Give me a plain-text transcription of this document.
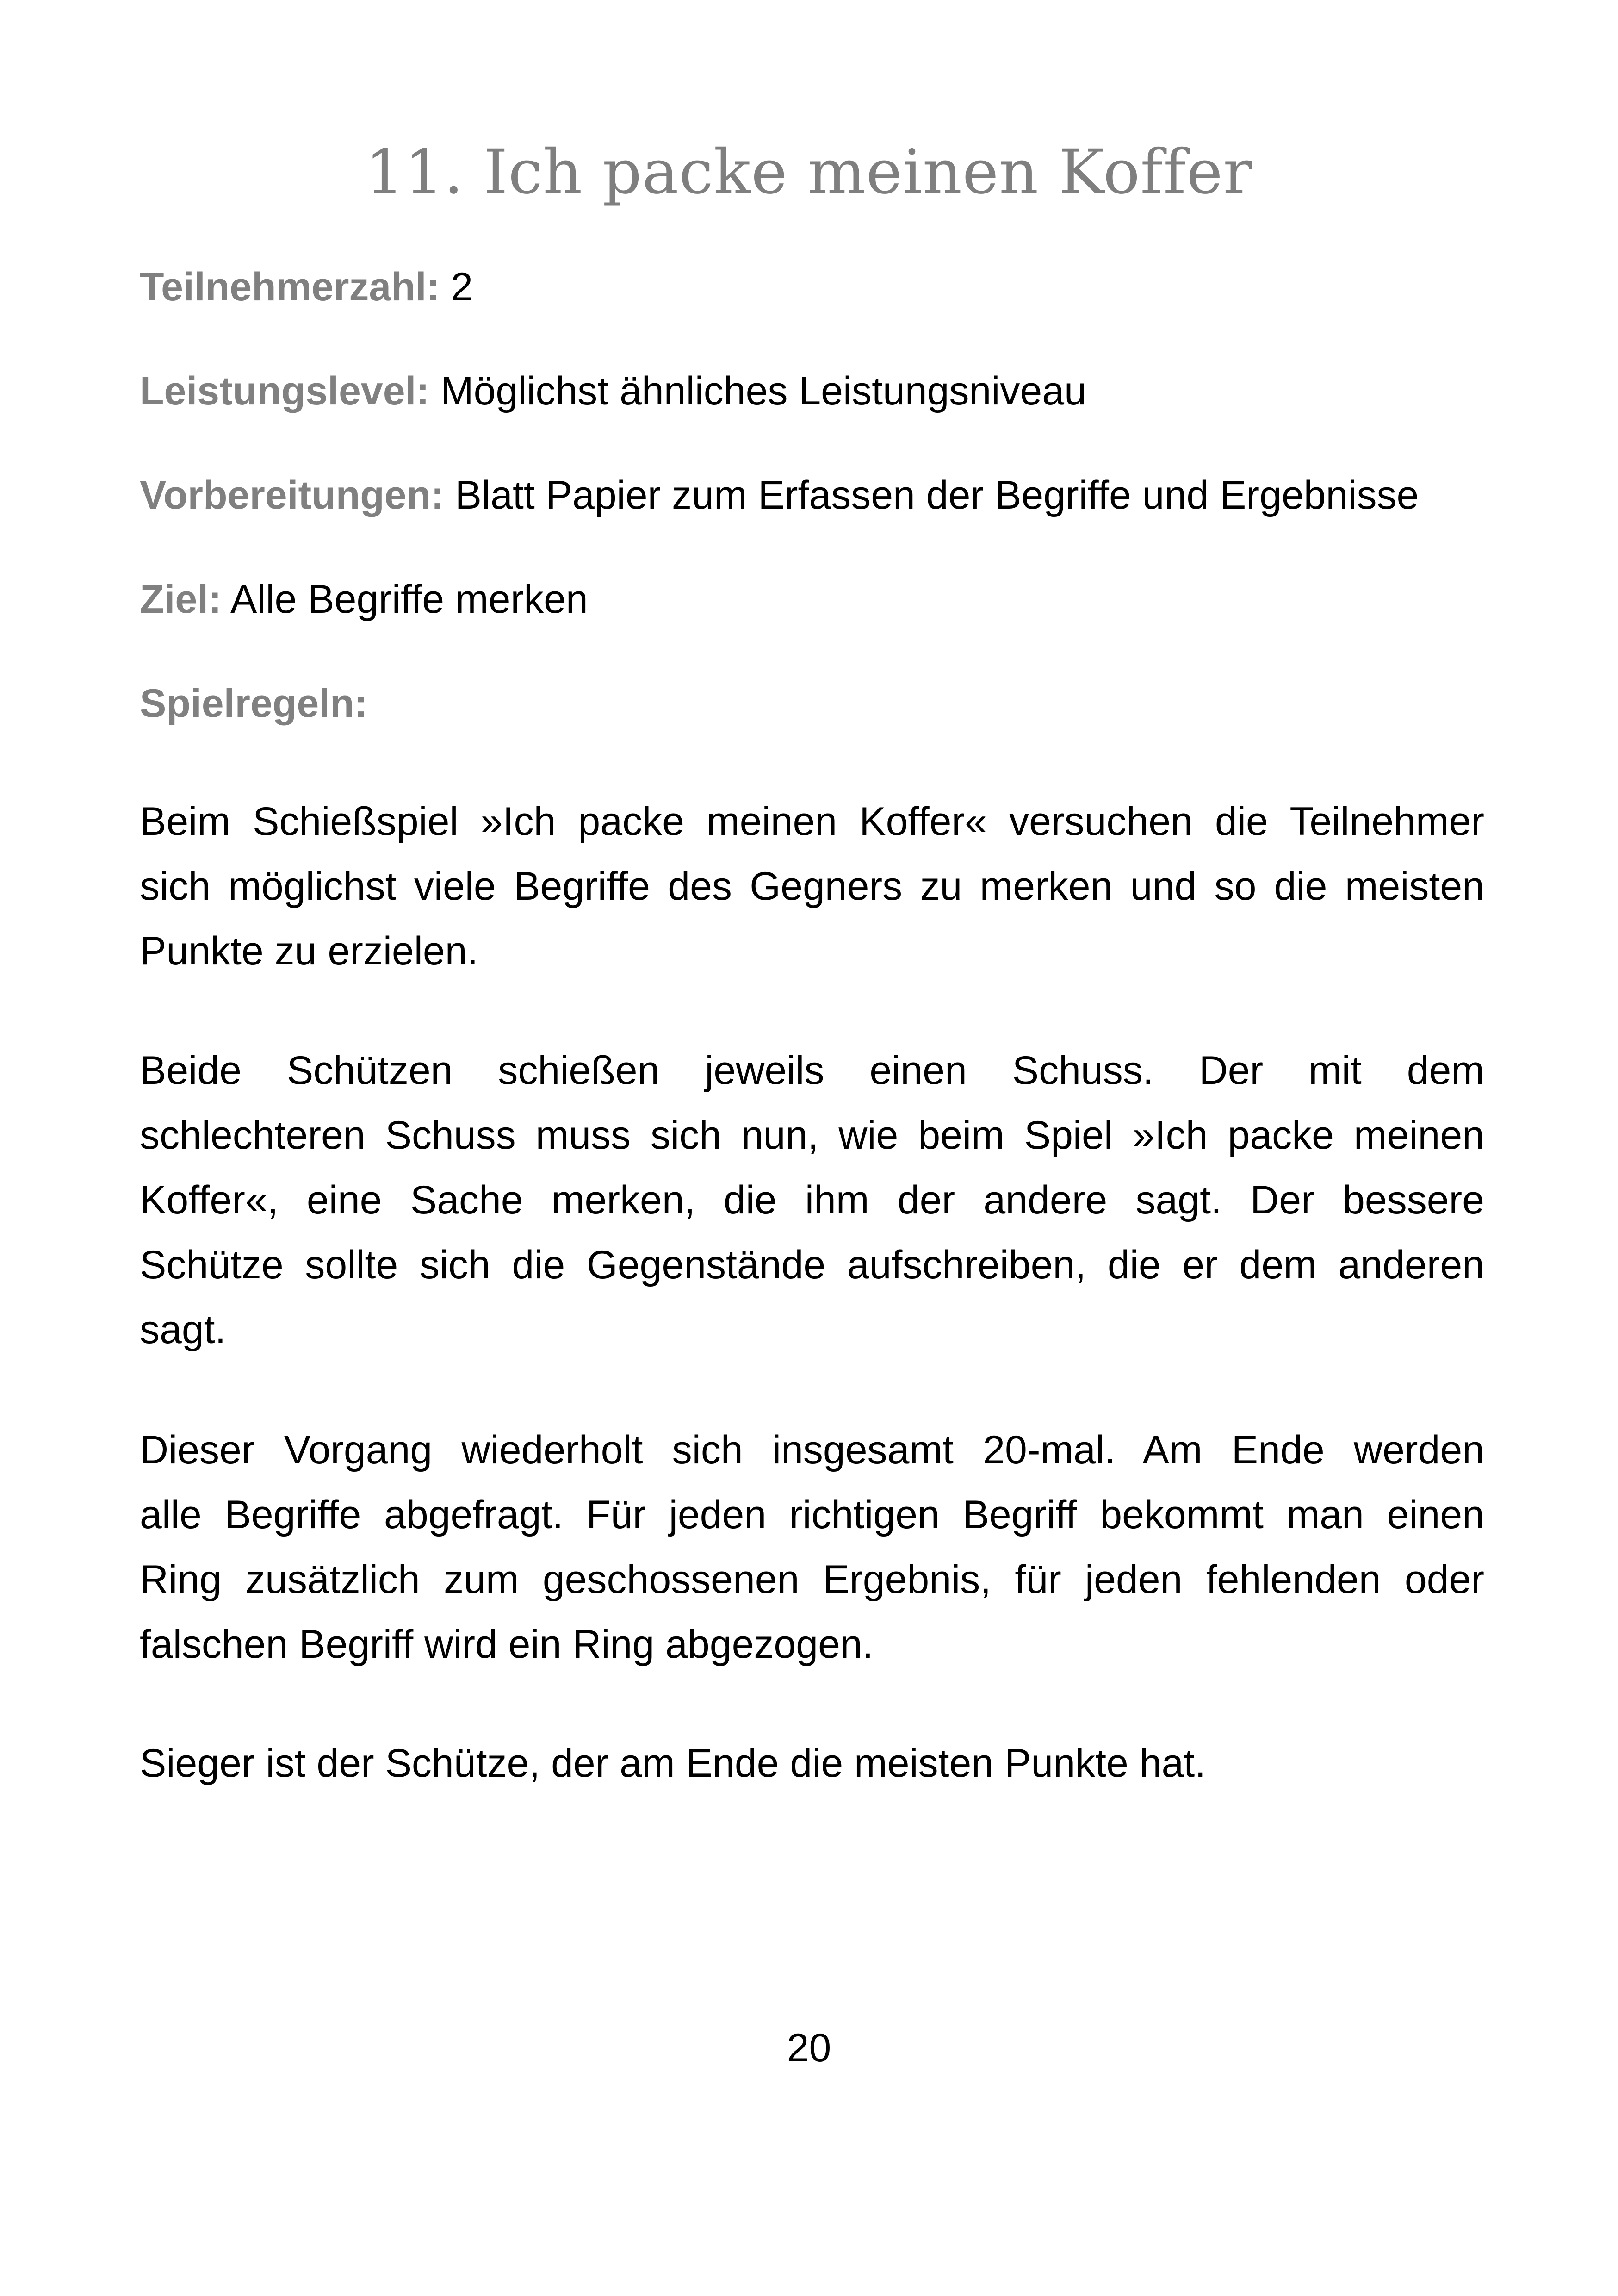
11. Ich packe meinen Koffer
Teilnehmerzahl: 2
Leistungslevel: Möglichst ähnliches Leistungsniveau
Vorbereitungen: Blatt Papier zum Erfassen der Begriffe und Ergebnisse
Ziel: Alle Begriffe merken
Spielregeln:
Beim Schießspiel »Ich packe meinen Koffer« versuchen die Teilnehmer
sich möglichst viele Begriffe des Gegners zu merken und so die meisten
Punkte zu erzielen.
Beide Schützen schießen jeweils einen Schuss. Der mit dem
schlechteren Schuss muss sich nun, wie beim Spiel »Ich packe meinen
Koffer«, eine Sache merken, die ihm der andere sagt. Der bessere
Schütze sollte sich die Gegenstände aufschreiben, die er dem anderen
sagt.
Dieser Vorgang wiederholt sich insgesamt 20-mal. Am Ende werden
alle Begriffe abgefragt. Für jeden richtigen Begriff bekommt man einen
Ring zusätzlich zum geschossenen Ergebnis, für jeden fehlenden oder
falschen Begriff wird ein Ring abgezogen.
Sieger ist der Schütze, der am Ende die meisten Punkte hat.
20
